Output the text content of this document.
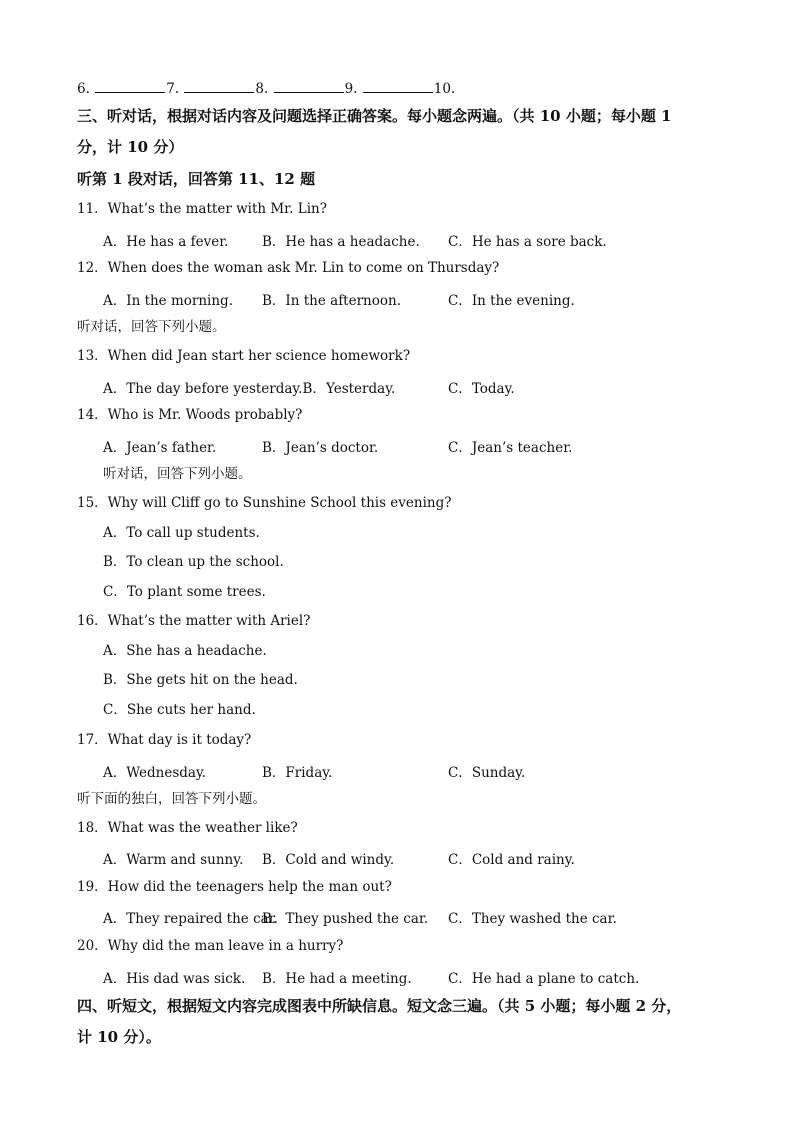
6.	7.	8.	9.	10.
三、听对话，根据对话内容及问题选择正确答案。每小题念两遍。（共 10 小题；每小题 1
分，计 10 分）
听第 1 段对话，回答第 11、12 题
11．What’s the matter with Mr. Lin?
A．He has a fever. B．He has a headache. C．He has a sore back.
12．When does the woman ask Mr. Lin to come on Thursday?
A．In the morning. B．In the afternoon.	C．In the evening.
听对话，回答下列小题。
13．When did Jean start her science homework?
A．The day before yesterday.B．Yesterday.	C．Today.
14．Who is Mr. Woods probably?
A．Jean’s father.	B．Jean’s doctor.	C．Jean’s teacher.
听对话，回答下列小题。
15．Why will Cliff go to Sunshine School this evening?
A．To call up students.
B．To clean up the school.
C．To plant some trees.
16．What’s the matter with Ariel?
A．She has a headache.
B．She gets hit on the head.
C．She cuts her hand.
17．What day is it today?
A．Wednesday.	B．Friday.	C．Sunday.
听下面的独白，回答下列小题。
18．What was the weather like?
A．Warm and sunny. B．Cold and windy.	C．Cold and rainy.
19．How did the teenagers help the man out?
A．They repaired the car.
B．They pushed the car. C．They washed the car.
20．Why did the man leave in a hurry?
A．His dad was sick. B．He had a meeting.	C．He had a plane to catch.
四、听短文，根据短文内容完成图表中所缺信息。短文念三遍。（共 5 小题；每小题 2 分，
计 10 分）。
